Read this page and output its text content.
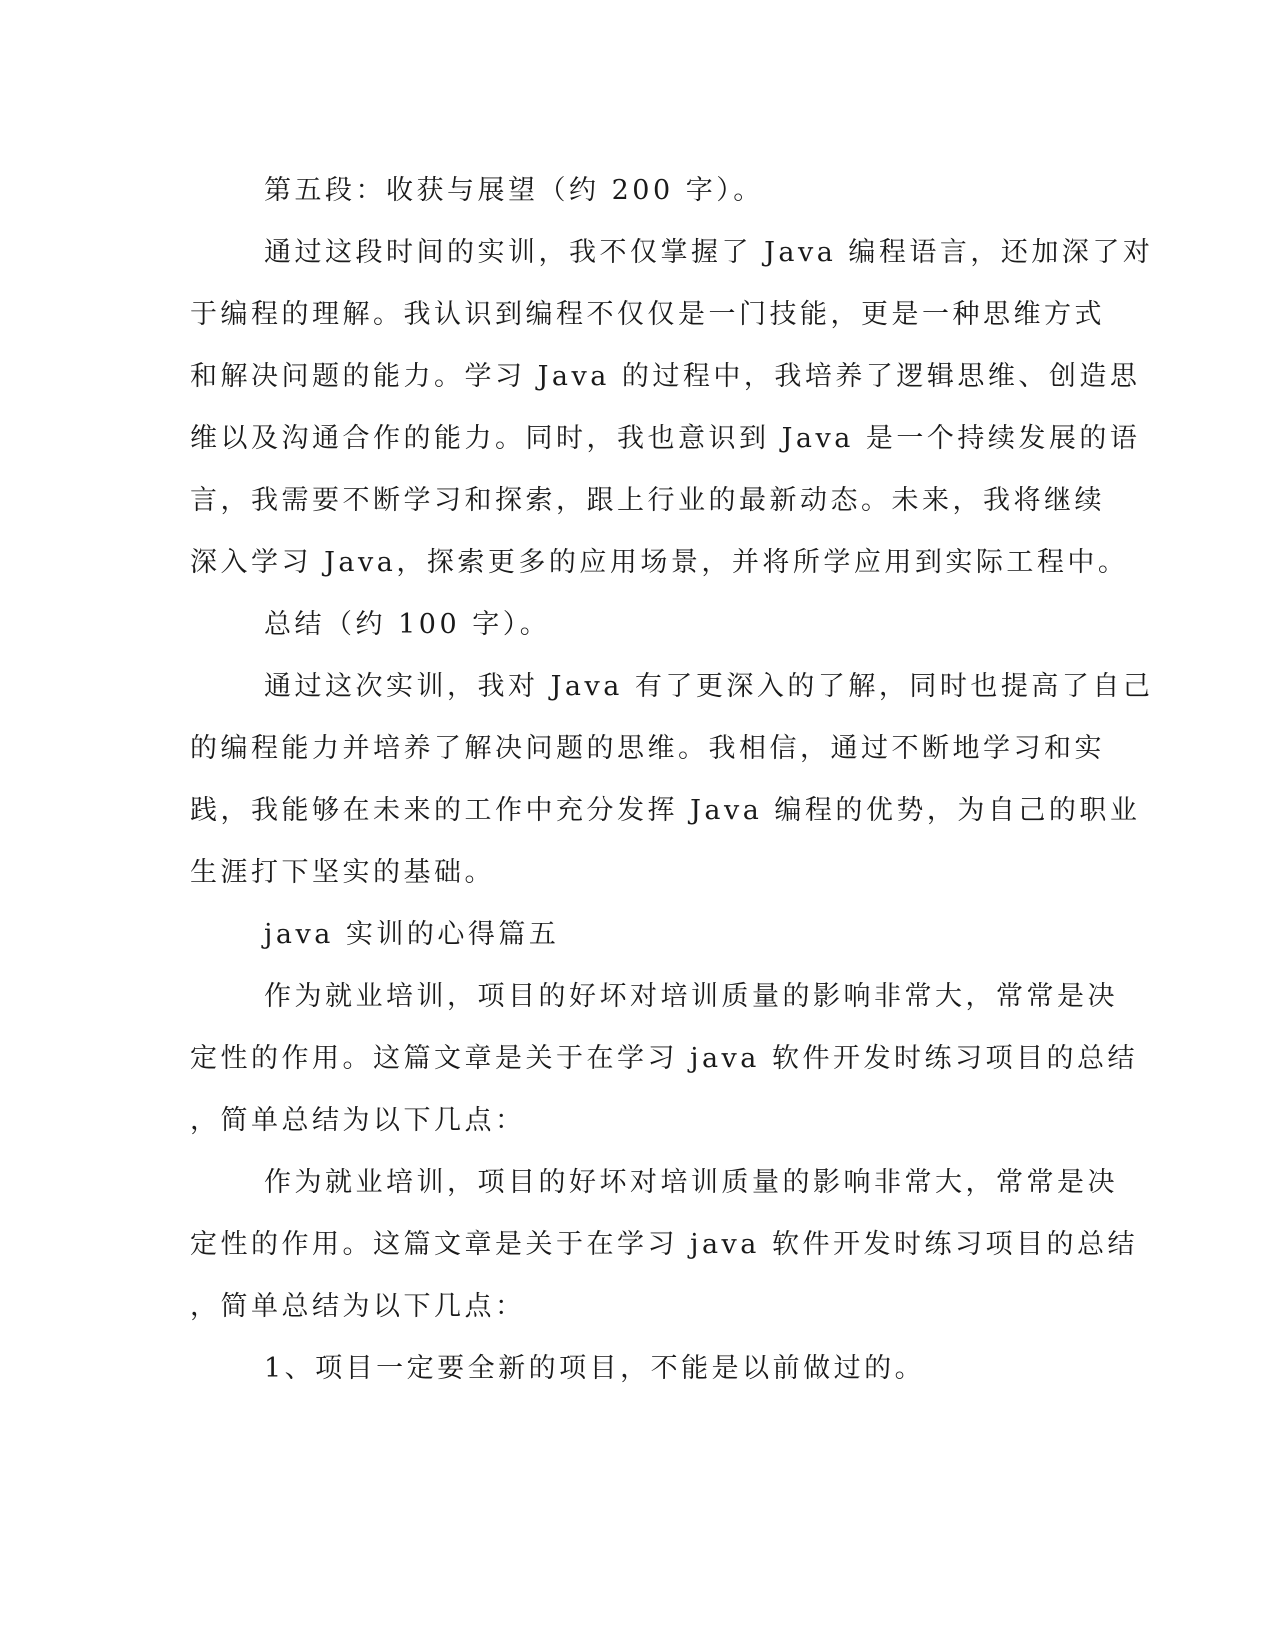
第五段：收获与展望（约 200 字）。
通过这段时间的实训，我不仅掌握了 Java 编程语言，还加深了对
于编程的理解。我认识到编程不仅仅是一门技能，更是一种思维方式
和解决问题的能力。学习 Java 的过程中，我培养了逻辑思维、创造思
维以及沟通合作的能力。同时，我也意识到 Java 是一个持续发展的语
言，我需要不断学习和探索，跟上行业的最新动态。未来，我将继续
深入学习 Java，探索更多的应用场景，并将所学应用到实际工程中。
总结（约 100 字）。
通过这次实训，我对 Java 有了更深入的了解，同时也提高了自己
的编程能力并培养了解决问题的思维。我相信，通过不断地学习和实
践，我能够在未来的工作中充分发挥 Java 编程的优势，为自己的职业
生涯打下坚实的基础。
java 实训的心得篇五
作为就业培训，项目的好坏对培训质量的影响非常大，常常是决
定性的作用。这篇文章是关于在学习 java 软件开发时练习项目的总结
，简单总结为以下几点：
作为就业培训，项目的好坏对培训质量的影响非常大，常常是决
定性的作用。这篇文章是关于在学习 java 软件开发时练习项目的总结
，简单总结为以下几点：
1、项目一定要全新的项目，不能是以前做过的。
